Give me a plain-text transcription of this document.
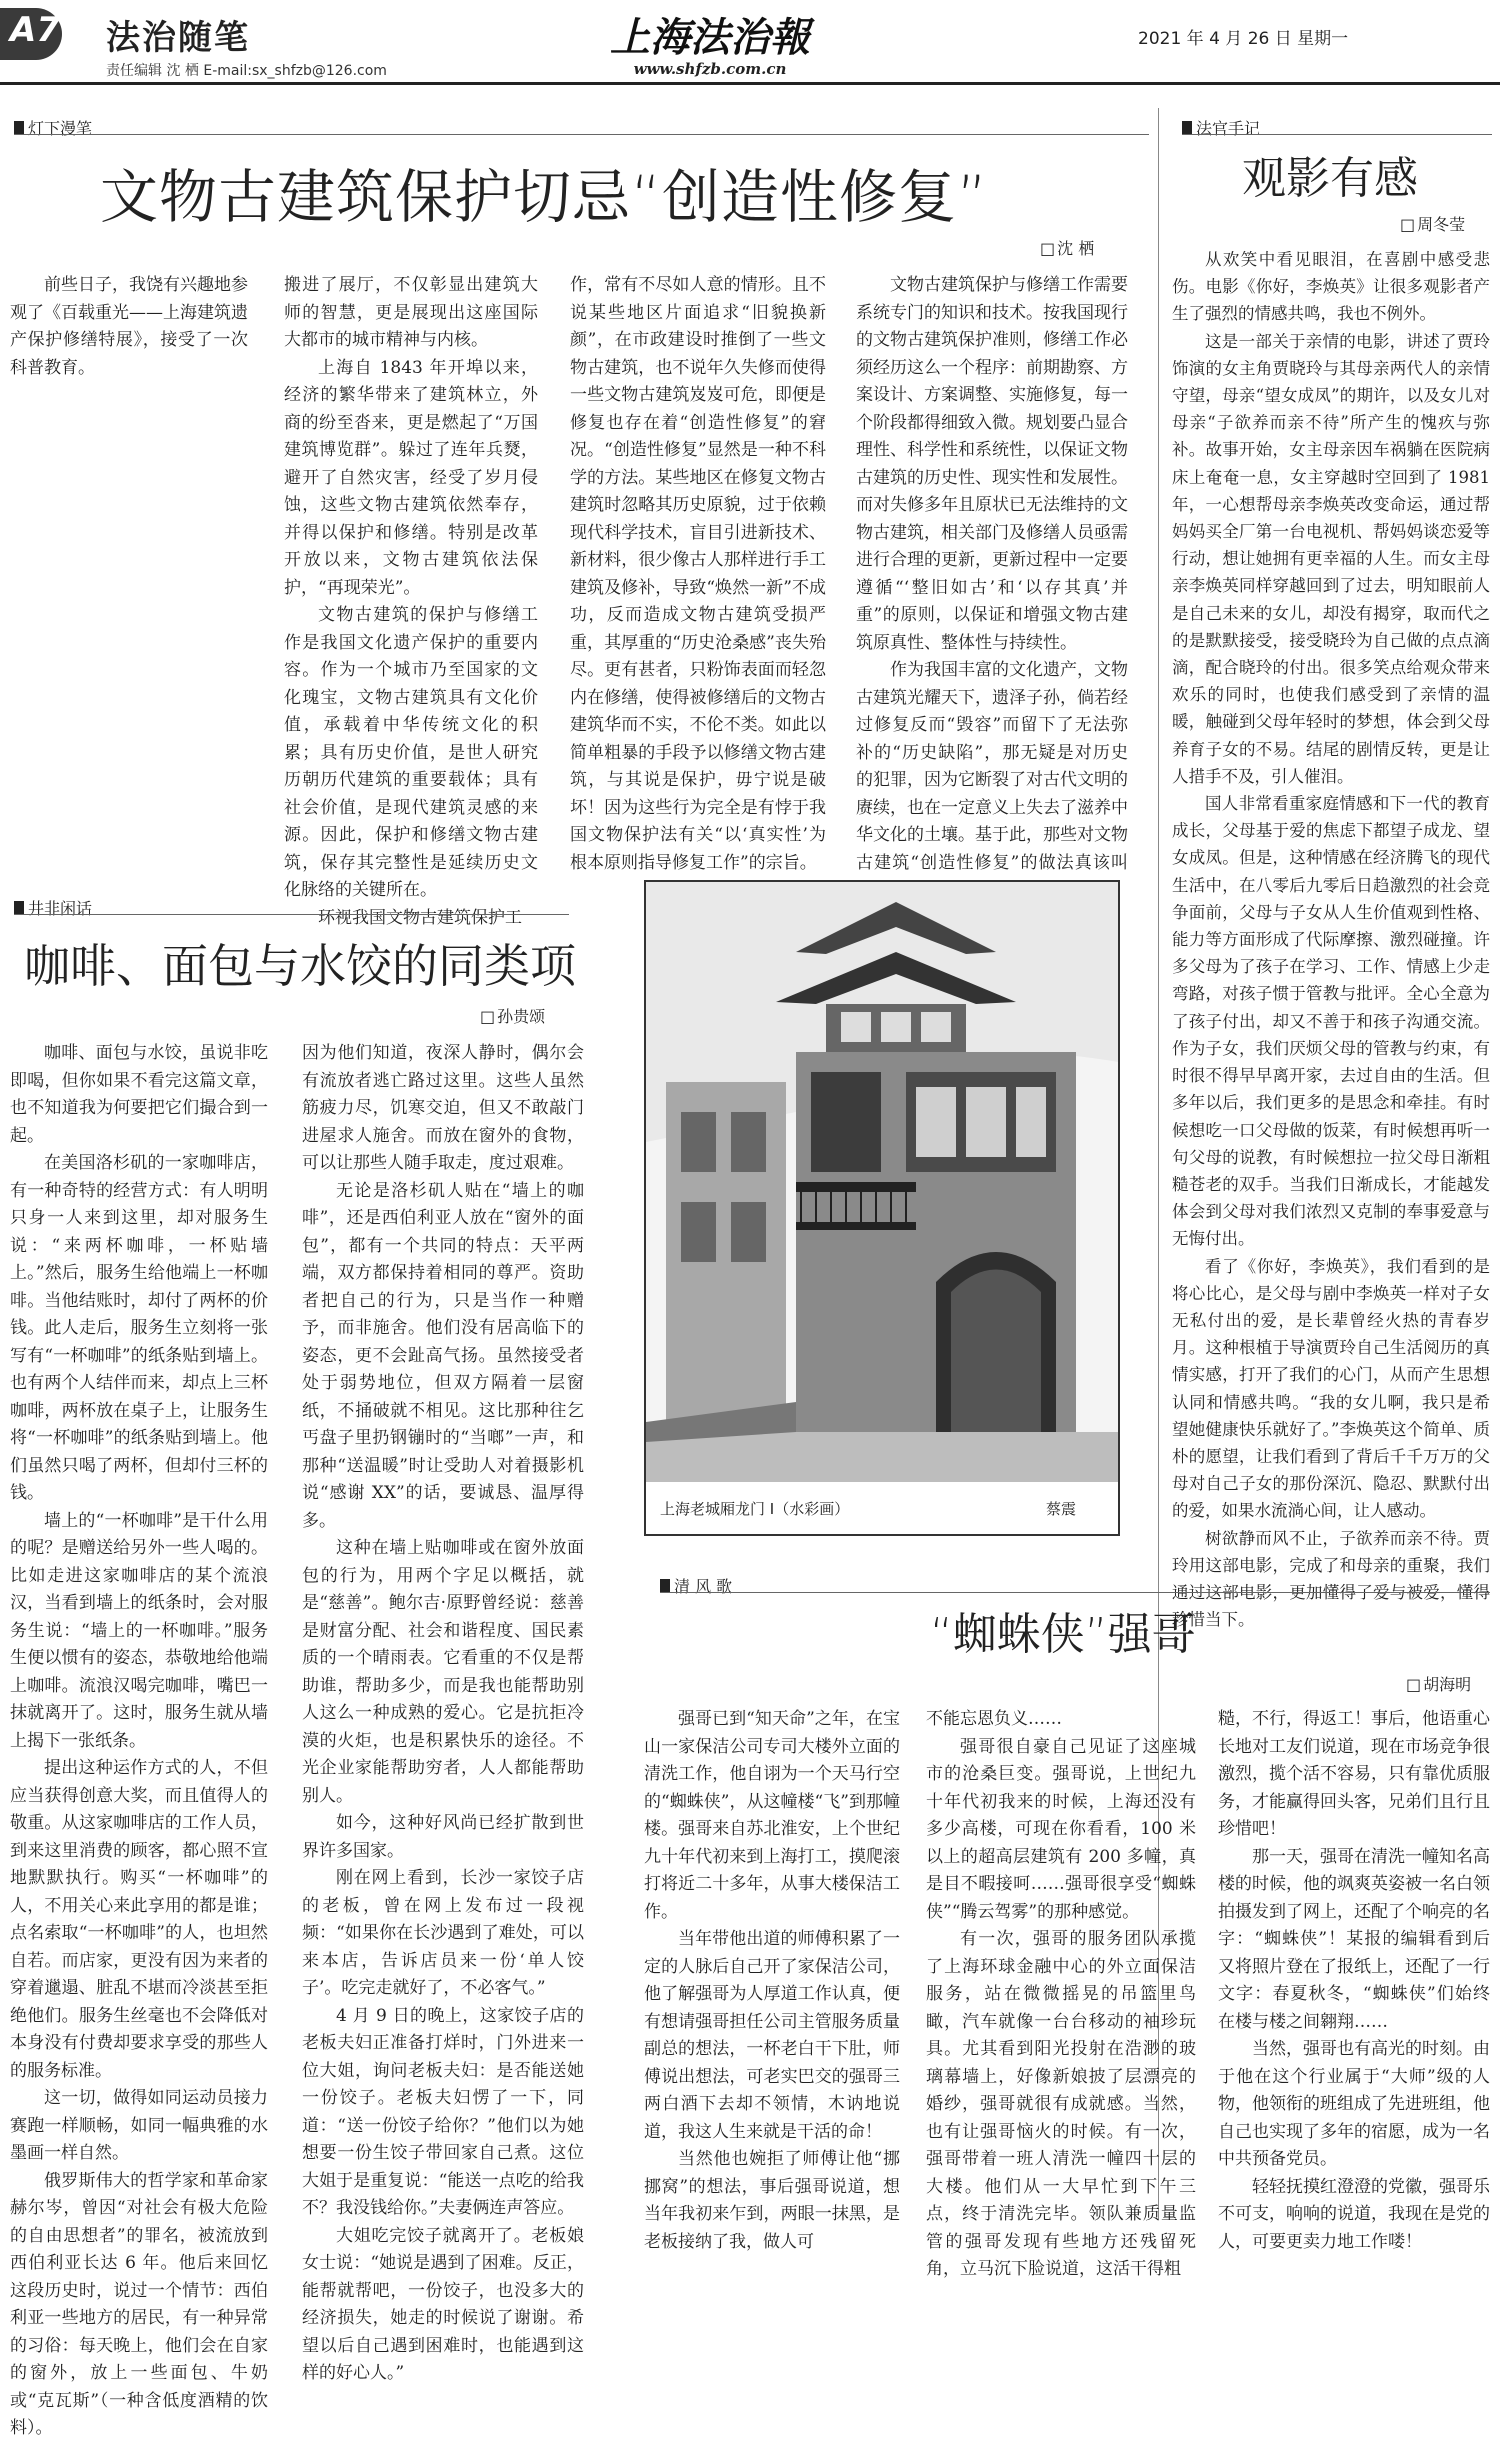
A7 法治随笔
责任编辑 沈 栖 E-mail:sx_shfzb@126.com
上海法治報
www.shfzb.com.cn
2021 年 4 月 26 日 星期一
灯下漫笔
文物古建筑保护切忌“创造性修复”
□ 沈 栖

前些日子，我饶有兴趣地参观了《百载重光——上海建筑遗产保护修缮特展》，接受了一次科普教育。

搬进了展厅，不仅彰显出建筑大师的智慧，更是展现出这座国际大都市的城市精神与内核。

上海自 1843 年开埠以来，经济的繁华带来了建筑林立，外商的纷至沓来，更是燃起了“万国建筑博览群”。躲过了连年兵燹，避开了自然灾害，经受了岁月侵蚀，这些文物古建筑依然奉存，并得以保护和修缮。特别是改革开放以来，文物古建筑依法保护，“再现荣光”。

文物古建筑的保护与修缮工作是我国文化遗产保护的重要内容。作为一个城市乃至国家的文化瑰宝，文物古建筑具有文化价值，承载着中华传统文化的积累；具有历史价值，是世人研究历朝历代建筑的重要载体；具有社会价值，是现代建筑灵感的来源。因此，保护和修缮文物古建筑，保存其完整性是延续历史文化脉络的关键所在。

环视我国文物古建筑保护工

作，常有不尽如人意的情形。且不说某些地区片面追求“旧貌换新颜”，在市政建设时推倒了一些文物古建筑，也不说年久失修而使得一些文物古建筑岌岌可危，即便是修复也存在着“创造性修复”的窘况。“创造性修复”显然是一种不科学的方法。某些地区在修复文物古建筑时忽略其历史原貌，过于依赖现代科学技术，盲目引进新技术、新材料，很少像古人那样进行手工建筑及修补，导致“焕然一新”不成功，反而造成文物古建筑受损严重，其厚重的“历史沧桑感”丧失殆尽。更有甚者，只粉饰表面而轻忽内在修缮，使得被修缮后的文物古建筑华而不实，不伦不类。如此以简单粗暴的手段予以修缮文物古建筑，与其说是保护，毋宁说是破坏！因为这些行为完全是有悖于我国文物保护法有关“以‘真实性’为根本原则指导修复工作”的宗旨。

文物古建筑保护与修缮工作需要系统专门的知识和技术。按我国现行的文物古建筑保护准则，修缮工作必须经历这么一个程序：前期勘察、方案设计、方案调整、实施修复，每一个阶段都得细致入微。规划要凸显合理性、科学性和系统性，以保证文物古建筑的历史性、现实性和发展性。而对失修多年且原状已无法维持的文物古建筑，相关部门及修缮人员亟需进行合理的更新，更新过程中一定要遵循“‘整旧如古’和‘以存其真’并重”的原则，以保证和增强文物古建筑原真性、整体性与持续性。

作为我国丰富的文化遗产，文物古建筑光耀天下，遗泽子孙，倘若经过修复反而“毁容”而留下了无法弥补的“历史缺陷”，那无疑是对历史的犯罪，因为它断裂了对古代文明的赓续，也在一定意义上失去了滋养中华文化的土壤。基于此，那些对文物古建筑“创造性修复”的做法真该叫

法官手记
观影有感
□ 周冬莹

从欢笑中看见眼泪，在喜剧中感受悲伤。电影《你好，李焕英》让很多观影者产生了强烈的情感共鸣，我也不例外。

这是一部关于亲情的电影，讲述了贾玲饰演的女主角贾晓玲与其母亲两代人的亲情守望，母亲“望女成凤”的期许，以及女儿对母亲“子欲养而亲不待”所产生的愧疚与弥补。故事开始，女主母亲因车祸躺在医院病床上奄奄一息，女主穿越时空回到了 1981 年，一心想帮母亲李焕英改变命运，通过帮妈妈买全厂第一台电视机、帮妈妈谈恋爱等行动，想让她拥有更幸福的人生。而女主母亲李焕英同样穿越回到了过去，明知眼前人是自己未来的女儿，却没有揭穿，取而代之的是默默接受，接受晓玲为自己做的点点滴滴，配合晓玲的付出。很多笑点给观众带来欢乐的同时，也使我们感受到了亲情的温暖，触碰到父母年轻时的梦想，体会到父母养育子女的不易。结尾的剧情反转，更是让人措手不及，引人催泪。

国人非常看重家庭情感和下一代的教育成长，父母基于爱的焦虑下都望子成龙、望女成凤。但是，这种情感在经济腾飞的现代生活中，在八零后九零后日趋激烈的社会竞争面前，父母与子女从人生价值观到性格、能力等方面形成了代际摩擦、激烈碰撞。许多父母为了孩子在学习、工作、情感上少走弯路，对孩子惯于管教与批评。全心全意为了孩子付出，却又不善于和孩子沟通交流。作为子女，我们厌烦父母的管教与约束，有时很不得早早离开家，去过自由的生活。但多年以后，我们更多的是思念和牵挂。有时候想吃一口父母做的饭菜，有时候想再听一句父母的说教，有时候想拉一拉父母日渐粗糙苍老的双手。当我们日渐成长，才能越发体会到父母对我们浓烈又克制的奉事爱意与无悔付出。

看了《你好，李焕英》，我们看到的是将心比心，是父母与剧中李焕英一样对子女无私付出的爱，是长辈曾经火热的青春岁月。这种根植于导演贾玲自己生活阅历的真情实感，打开了我们的心门，从而产生思想认同和情感共鸣。“我的女儿啊，我只是希望她健康快乐就好了。”李焕英这个简单、质朴的愿望，让我们看到了背后千千万万的父母对自己子女的那份深沉、隐忍、默默付出的爱，如果水流淌心间，让人感动。

树欲静而风不止，子欲养而亲不待。贾玲用这部电影，完成了和母亲的重聚，我们通过这部电影，更加懂得了爱与被爱，懂得珍惜当下。

井非闲话
咖啡、面包与水饺的同类项
□ 孙贵颂

咖啡、面包与水饺，虽说非吃即喝，但你如果不看完这篇文章，也不知道我为何要把它们撮合到一起。

在美国洛杉矶的一家咖啡店，有一种奇特的经营方式：有人明明只身一人来到这里，却对服务生说：“来两杯咖啡，一杯贴墙上。”然后，服务生给他端上一杯咖啡。当他结账时，却付了两杯的价钱。此人走后，服务生立刻将一张写有“一杯咖啡”的纸条贴到墙上。也有两个人结伴而来，却点上三杯咖啡，两杯放在桌子上，让服务生将“一杯咖啡”的纸条贴到墙上。他们虽然只喝了两杯，但却付三杯的钱。

墙上的“一杯咖啡”是干什么用的呢？是赠送给另外一些人喝的。比如走进这家咖啡店的某个流浪汉，当看到墙上的纸条时，会对服务生说：“墙上的一杯咖啡。”服务生便以惯有的姿态，恭敬地给他端上咖啡。流浪汉喝完咖啡，嘴巴一抹就离开了。这时，服务生就从墙上揭下一张纸条。

提出这种运作方式的人，不但应当获得创意大奖，而且值得人的敬重。从这家咖啡店的工作人员，到来这里消费的顾客，都心照不宣地默默执行。购买“一杯咖啡”的人，不用关心来此享用的都是谁；点名索取“一杯咖啡”的人，也坦然自若。而店家，更没有因为来者的穿着邋遢、脏乱不堪而冷淡甚至拒绝他们。服务生丝毫也不会降低对本身没有付费却要求享受的那些人的服务标准。

这一切，做得如同运动员接力赛跑一样顺畅，如同一幅典雅的水墨画一样自然。

俄罗斯伟大的哲学家和革命家赫尔岑，曾因“对社会有极大危险的自由思想者”的罪名，被流放到西伯利亚长达 6 年。他后来回忆这段历史时，说过一个情节：西伯利亚一些地方的居民，有一种异常的习俗：每天晚上，他们会在自家的窗外，放上一些面包、牛奶或“克瓦斯”（一种含低度酒精的饮料）。

因为他们知道，夜深人静时，偶尔会有流放者逃亡路过这里。这些人虽然筋疲力尽，饥寒交迫，但又不敢敲门进屋求人施舍。而放在窗外的食物，可以让那些人随手取走，度过艰难。

无论是洛杉矶人贴在“墙上的咖啡”，还是西伯利亚人放在“窗外的面包”，都有一个共同的特点：天平两端，双方都保持着相同的尊严。资助者把自己的行为，只是当作一种赠予，而非施舍。他们没有居高临下的姿态，更不会趾高气扬。虽然接受者处于弱势地位，但双方隔着一层窗纸，不捅破就不相见。这比那种往乞丐盘子里扔钢镚时的“当啷”一声，和那种“送温暖”时让受助人对着摄影机说“感谢 XX”的话，要诚恳、温厚得多。

这种在墙上贴咖啡或在窗外放面包的行为，用两个字足以概括，就是“慈善”。鲍尔吉·原野曾经说：慈善是财富分配、社会和谐程度、国民素质的一个晴雨表。它看重的不仅是帮助谁，帮助多少，而是我也能帮助别人这么一种成熟的爱心。它是抗拒冷漠的火炬，也是积累快乐的途径。不光企业家能帮助穷者，人人都能帮助别人。

如今，这种好风尚已经扩散到世界许多国家。

刚在网上看到，长沙一家饺子店的老板，曾在网上发布过一段视频：“如果你在长沙遇到了难处，可以来本店，告诉店员来一份‘单人饺子’。吃完走就好了，不必客气。”

4 月 9 日的晚上，这家饺子店的老板夫妇正准备打烊时，门外进来一位大姐，询问老板夫妇：是否能送她一份饺子。老板夫妇愣了一下，同道：“送一份饺子给你？”他们以为她想要一份生饺子带回家自己煮。这位大姐于是重复说：“能送一点吃的给我不？我没钱给你。”夫妻俩连声答应。

大姐吃完饺子就离开了。老板娘女士说：“她说是遇到了困难。反正，能帮就帮吧，一份饺子，也没多大的经济损失，她走的时候说了谢谢。希望以后自己遇到困难时，也能遇到这样的好心人。”

上海老城厢龙门 Ⅰ（水彩画）	蔡震
清 风 歌
“蜘蛛侠”强哥
□ 胡海明

强哥已到“知天命”之年，在宝山一家保洁公司专司大楼外立面的清洗工作，他自诩为一个天马行空的“蜘蛛侠”，从这幢楼“飞”到那幢楼。强哥来自苏北淮安，上个世纪九十年代初来到上海打工，摸爬滚打将近二十多年，从事大楼保洁工作。

当年带他出道的师傅积累了一定的人脉后自己开了家保洁公司，他了解强哥为人厚道工作认真，便有想请强哥担任公司主管服务质量副总的想法，一杯老白干下肚，师傅说出想法，可老实巴交的强哥三两白酒下去却不领情，木讷地说道，我这人生来就是干活的命！

当然他也婉拒了师傅让他“挪挪窝”的想法，事后强哥说道，想当年我初来乍到，两眼一抹黑，是老板接纳了我，做人可

不能忘恩负义……

强哥很自豪自己见证了这座城市的沧桑巨变。强哥说，上世纪九十年代初我来的时候，上海还没有多少高楼，可现在你看看，100 米以上的超高层建筑有 200 多幢，真是目不暇接呵……强哥很享受“蜘蛛侠”“腾云驾雾”的那种感觉。

有一次，强哥的服务团队承揽了上海环球金融中心的外立面保洁服务，站在微微摇晃的吊篮里鸟瞰，汽车就像一台台移动的袖珍玩具。尤其看到阳光投射在浩渺的玻璃幕墙上，好像新娘披了层漂亮的婚纱，强哥就很有成就感。当然，也有让强哥恼火的时候。有一次，强哥带着一班人清洗一幢四十层的大楼。他们从一大早忙到下午三点，终于清洗完毕。领队兼质量监管的强哥发现有些地方还残留死角，立马沉下脸说道，这活干得粗

糙，不行，得返工！事后，他语重心长地对工友们说道，现在市场竞争很激烈，揽个活不容易，只有靠优质服务，才能赢得回头客，兄弟们且行且珍惜吧！

那一天，强哥在清洗一幢知名高楼的时候，他的飒爽英姿被一名白领拍摄发到了网上，还配了个响亮的名字：“蜘蛛侠”！某报的编辑看到后又将照片登在了报纸上，还配了一行文字：春夏秋冬，“蜘蛛侠”们始终在楼与楼之间翱翔……

当然，强哥也有高光的时刻。由于他在这个行业属于“大师”级的人物，他领衔的班组成了先进班组，他自己也实现了多年的宿愿，成为一名中共预备党员。

轻轻抚摸红澄澄的党徽，强哥乐不可支，响响的说道，我现在是党的人，可要更卖力地工作喽！
